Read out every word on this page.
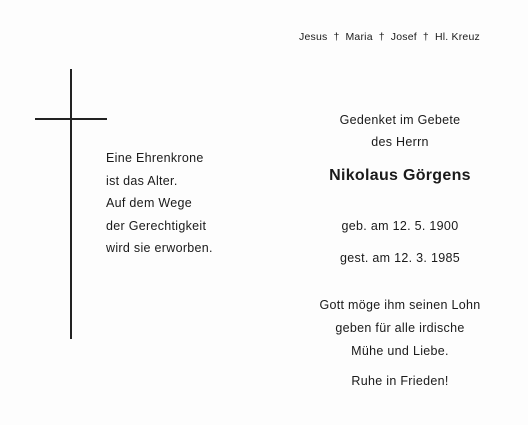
Jesus † Maria † Josef † Hl. Kreuz
Eine Ehrenkrone
ist das Alter.
Auf dem Wege
der Gerechtigkeit
wird sie erworben.
Gedenket im Gebete
des Herrn
Nikolaus Görgens
geb. am 12. 5. 1900
gest. am 12. 3. 1985
Gott möge ihm seinen Lohn
geben für alle irdische
Mühe und Liebe.
Ruhe in Frieden!
